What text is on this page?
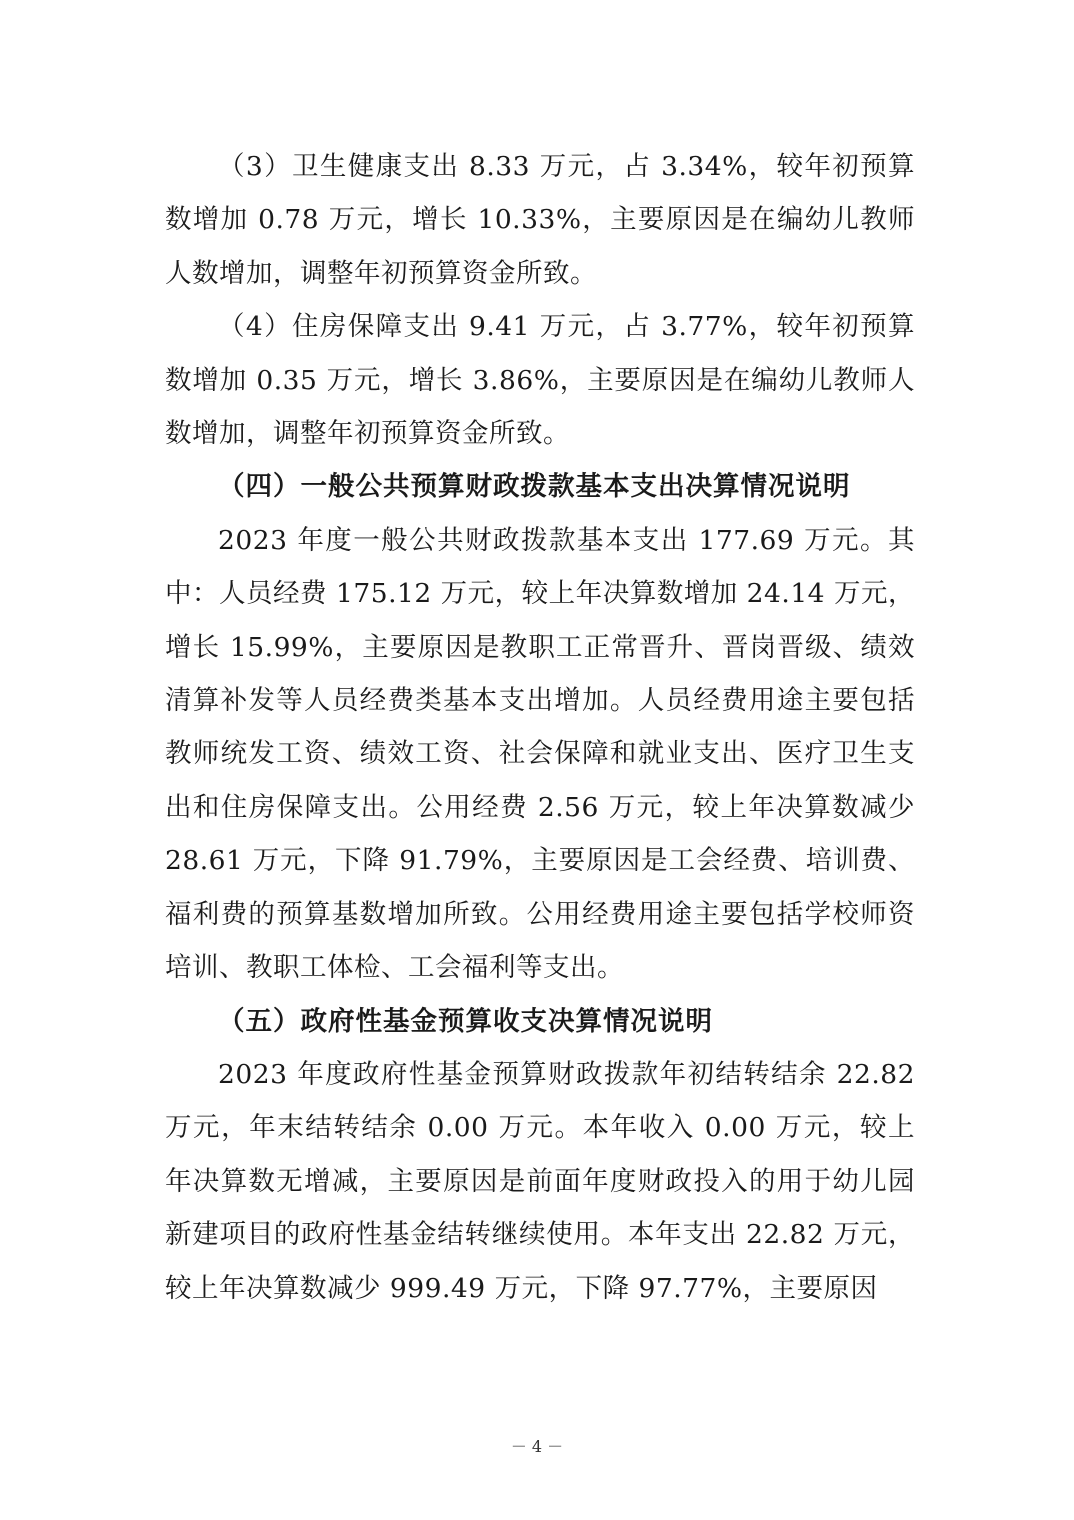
（3）卫生健康支出 8.33 万元，占 3.34%，较年初预算数增加 0.78 万元，增长 10.33%，主要原因是在编幼儿教师人数增加，调整年初预算资金所致。

（4）住房保障支出 9.41 万元，占 3.77%，较年初预算数增加 0.35 万元，增长 3.86%，主要原因是在编幼儿教师人数增加，调整年初预算资金所致。

（四）一般公共预算财政拨款基本支出决算情况说明

2023 年度一般公共财政拨款基本支出 177.69 万元。其中：人员经费 175.12 万元，较上年决算数增加 24.14 万元，增长 15.99%，主要原因是教职工正常晋升、晋岗晋级、绩效清算补发等人员经费类基本支出增加。人员经费用途主要包括教师统发工资、绩效工资、社会保障和就业支出、医疗卫生支出和住房保障支出。公用经费 2.56 万元，较上年决算数减少 28.61 万元，下降 91.79%，主要原因是工会经费、培训费、福利费的预算基数增加所致。公用经费用途主要包括学校师资培训、教职工体检、工会福利等支出。

（五）政府性基金预算收支决算情况说明

2023 年度政府性基金预算财政拨款年初结转结余 22.82 万元，年末结转结余 0.00 万元。本年收入 0.00 万元，较上年决算数无增减，主要原因是前面年度财政投入的用于幼儿园新建项目的政府性基金结转继续使用。本年支出 22.82 万元，较上年决算数减少 999.49 万元，下降 97.77%，主要原因

－ 4 －
